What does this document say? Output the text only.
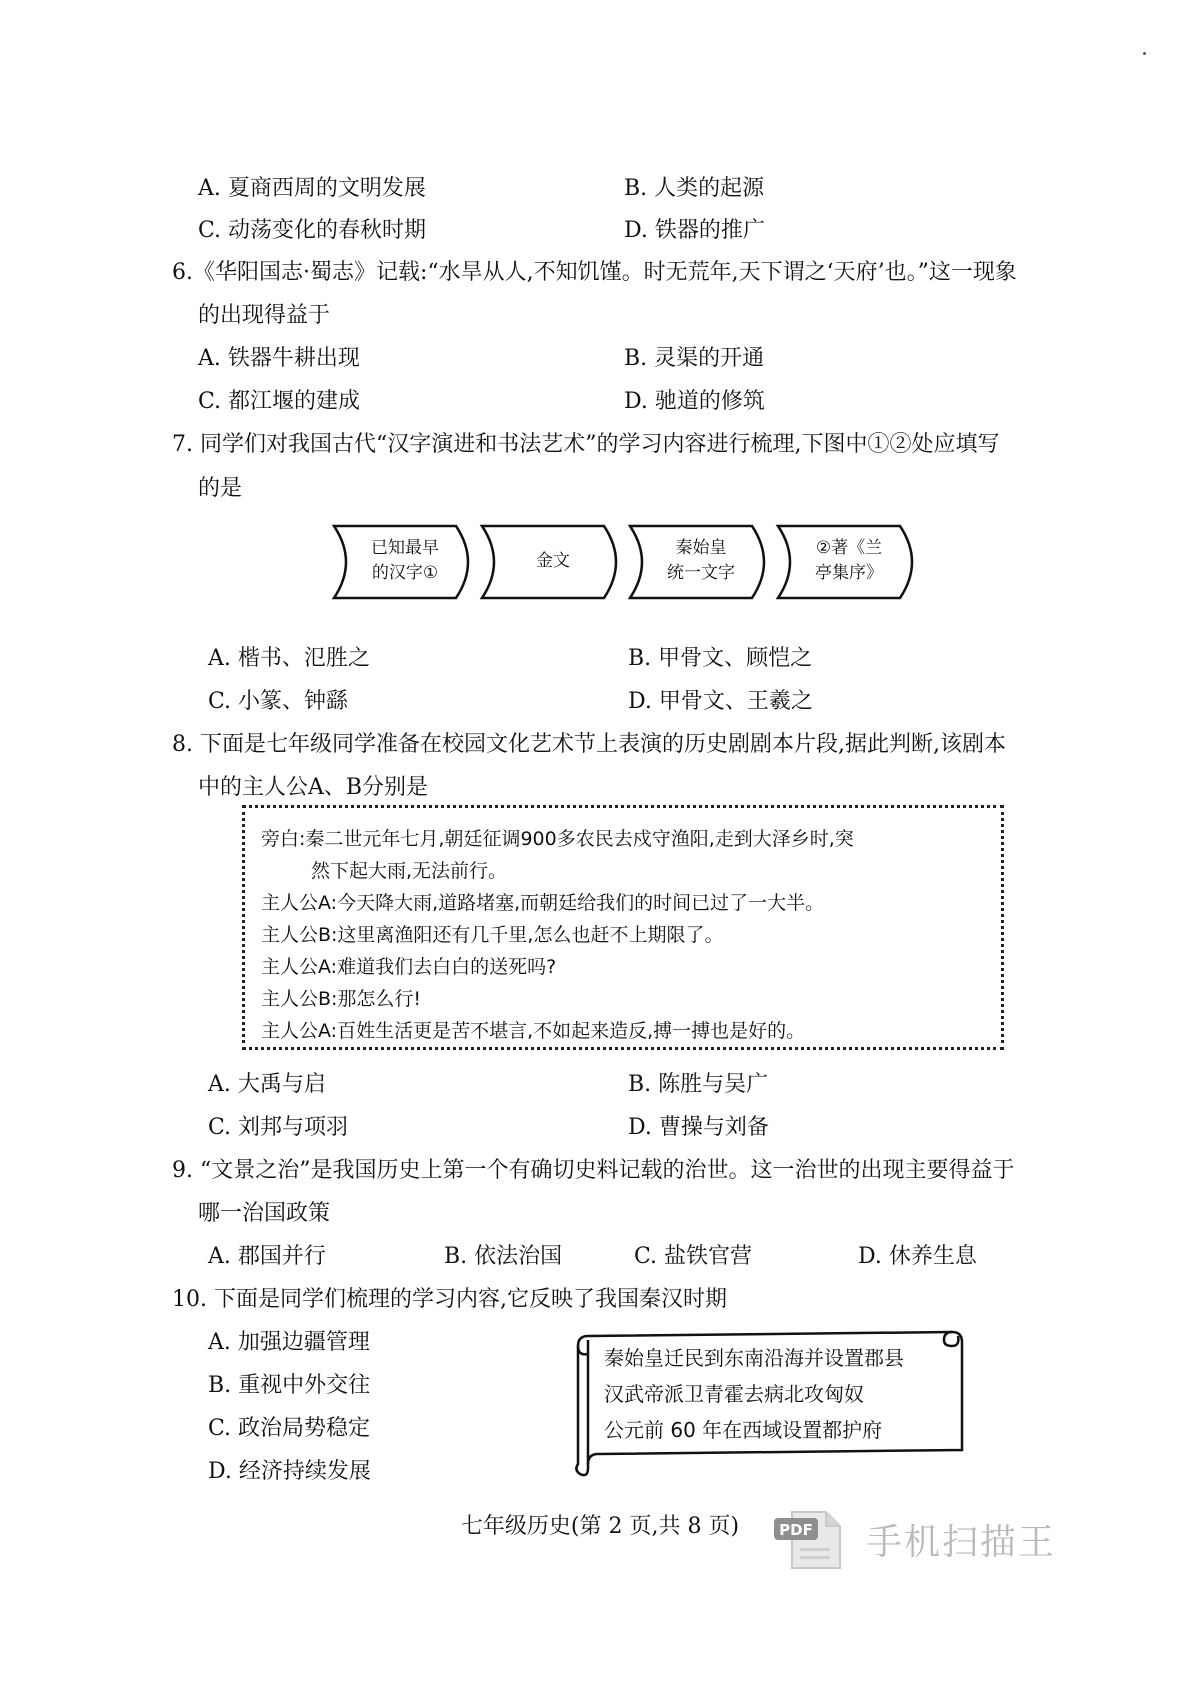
A. 夏商西周的文明发展	B. 人类的起源
C. 动荡变化的春秋时期	D. 铁器的推广
6.《华阳国志·蜀志》记载:“水旱从人,不知饥馑。时无荒年,天下谓之‘天府’也。”这一现象
的出现得益于
A. 铁器牛耕出现	B. 灵渠的开通
C. 都江堰的建成	D. 驰道的修筑
7. 同学们对我国古代“汉字演进和书法艺术”的学习内容进行梳理,下图中①②处应填写
的是
已知最早
的汉字①
金文
秦始皇
统一文字
②著《兰
亭集序》
A. 楷书、氾胜之	B. 甲骨文、顾恺之
C. 小篆、钟繇	D. 甲骨文、王羲之
8. 下面是七年级同学准备在校园文化艺术节上表演的历史剧剧本片段,据此判断,该剧本
中的主人公A、B分别是
旁白:秦二世元年七月,朝廷征调900多农民去戍守渔阳,走到大泽乡时,突
然下起大雨,无法前行。
主人公A:今天降大雨,道路堵塞,而朝廷给我们的时间已过了一大半。
主人公B:这里离渔阳还有几千里,怎么也赶不上期限了。
主人公A:难道我们去白白的送死吗?
主人公B:那怎么行!
主人公A:百姓生活更是苦不堪言,不如起来造反,搏一搏也是好的。
A. 大禹与启	B. 陈胜与吴广
C. 刘邦与项羽	D. 曹操与刘备
9. “文景之治”是我国历史上第一个有确切史料记载的治世。这一治世的出现主要得益于
哪一治国政策
A. 郡国并行	B. 依法治国	C. 盐铁官营	D. 休养生息
10. 下面是同学们梳理的学习内容,它反映了我国秦汉时期
A. 加强边疆管理
B. 重视中外交往
C. 政治局势稳定
D. 经济持续发展
秦始皇迁民到东南沿海并设置郡县
汉武帝派卫青霍去病北攻匈奴
公元前 60 年在西域设置都护府
七年级历史(第 2 页,共 8 页)	PDF 手机扫描王
